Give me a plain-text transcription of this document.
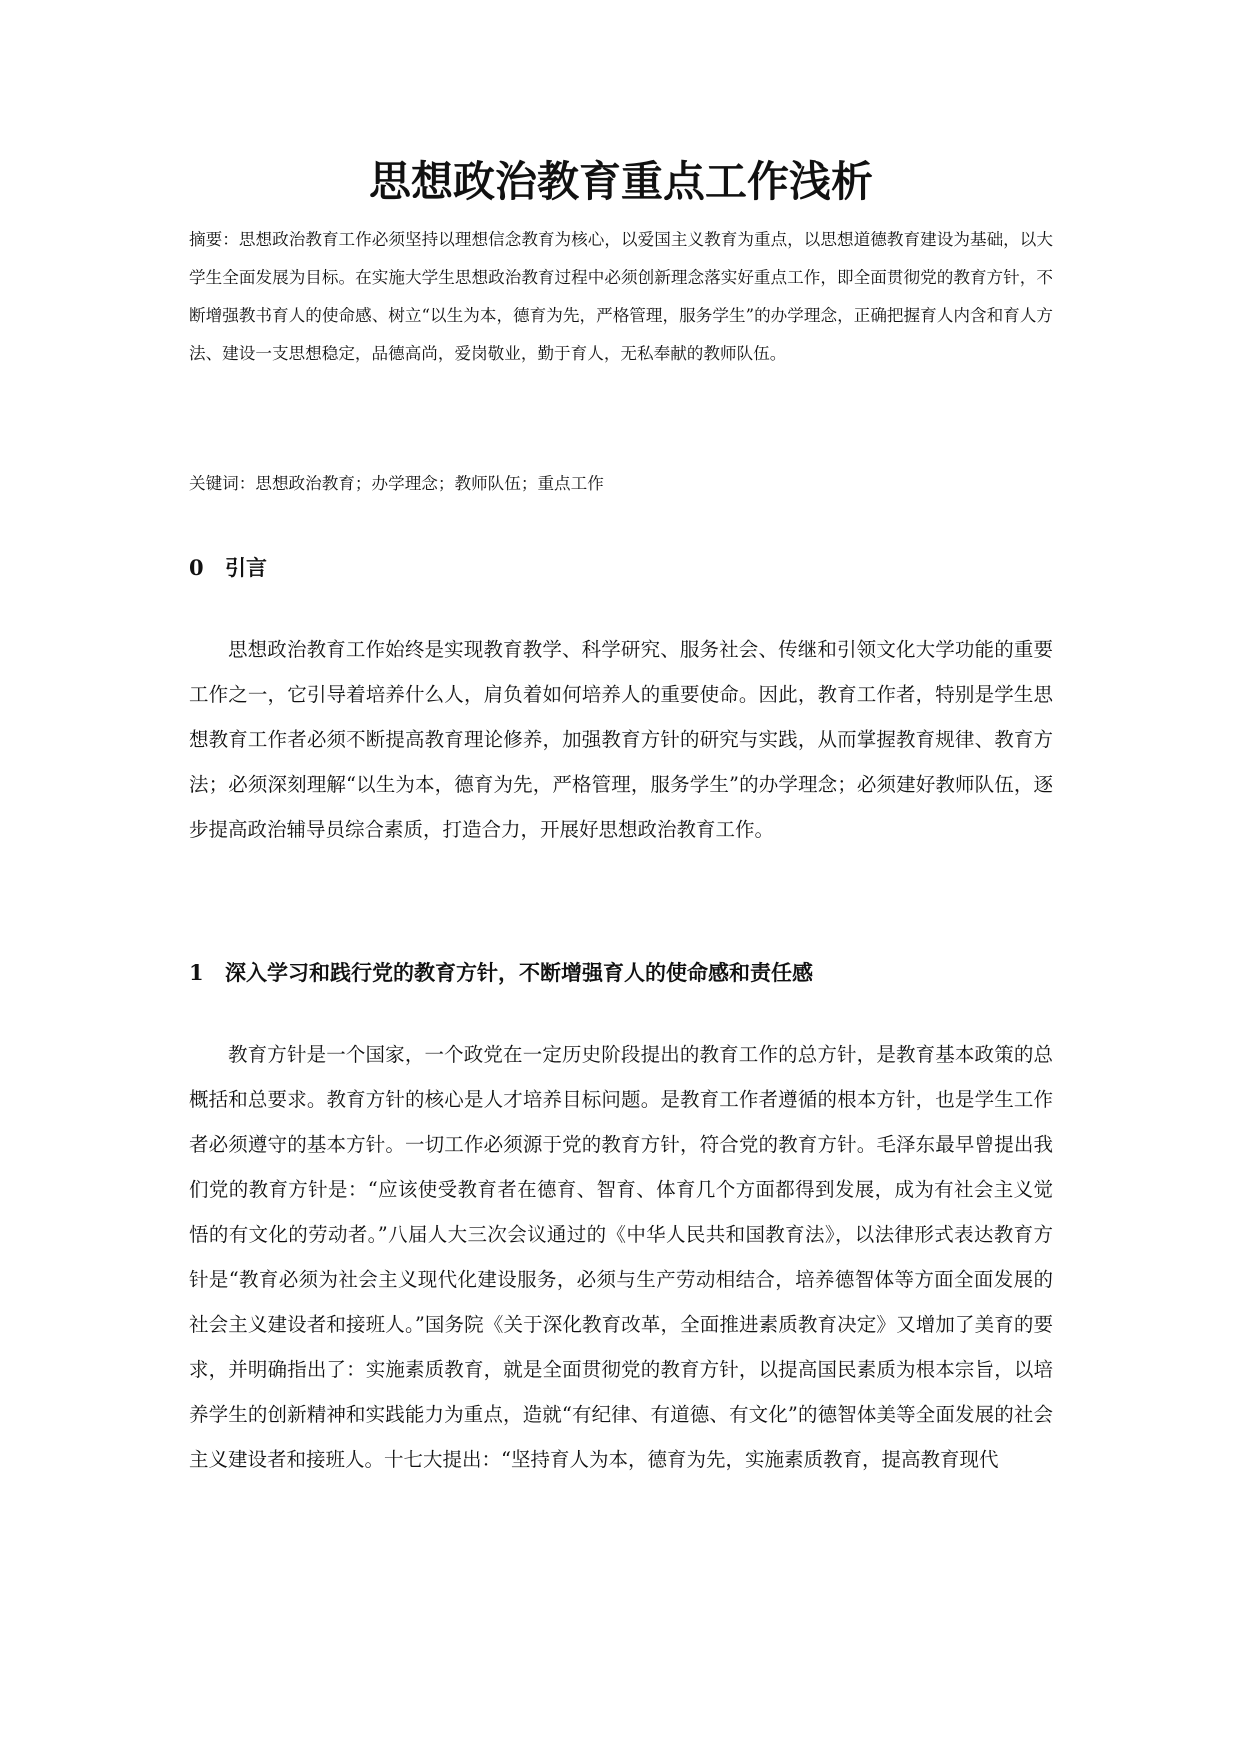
思想政治教育重点工作浅析

摘要：思想政治教育工作必须坚持以理想信念教育为核心，以爱国主义教育为重点，以思想道德教育建设为基础，以大学生全面发展为目标。在实施大学生思想政治教育过程中必须创新理念落实好重点工作，即全面贯彻党的教育方针，不断增强教书育人的使命感、树立“以生为本，德育为先，严格管理，服务学生”的办学理念，正确把握育人内含和育人方法、建设一支思想稳定，品德高尚，爱岗敬业，勤于育人，无私奉献的教师队伍。

关键词：思想政治教育；办学理念；教师队伍；重点工作

0 引言

思想政治教育工作始终是实现教育教学、科学研究、服务社会、传继和引领文化大学功能的重要工作之一，它引导着培养什么人，肩负着如何培养人的重要使命。因此，教育工作者，特别是学生思想教育工作者必须不断提高教育理论修养，加强教育方针的研究与实践，从而掌握教育规律、教育方法；必须深刻理解“以生为本，德育为先，严格管理，服务学生”的办学理念；必须建好教师队伍，逐步提高政治辅导员综合素质，打造合力，开展好思想政治教育工作。

1 深入学习和践行党的教育方针，不断增强育人的使命感和责任感

教育方针是一个国家，一个政党在一定历史阶段提出的教育工作的总方针，是教育基本政策的总概括和总要求。教育方针的核心是人才培养目标问题。是教育工作者遵循的根本方针，也是学生工作者必须遵守的基本方针。一切工作必须源于党的教育方针，符合党的教育方针。毛泽东最早曾提出我们党的教育方针是：“应该使受教育者在德育、智育、体育几个方面都得到发展，成为有社会主义觉悟的有文化的劳动者。”八届人大三次会议通过的《中华人民共和国教育法》，以法律形式表达教育方针是“教育必须为社会主义现代化建设服务，必须与生产劳动相结合，培养德智体等方面全面发展的社会主义建设者和接班人。”国务院《关于深化教育改革，全面推进素质教育决定》又增加了美育的要求，并明确指出了：实施素质教育，就是全面贯彻党的教育方针，以提高国民素质为根本宗旨，以培养学生的创新精神和实践能力为重点，造就“有纪律、有道德、有文化”的德智体美等全面发展的社会主义建设者和接班人。十七大提出：“坚持育人为本，德育为先，实施素质教育，提高教育现代
